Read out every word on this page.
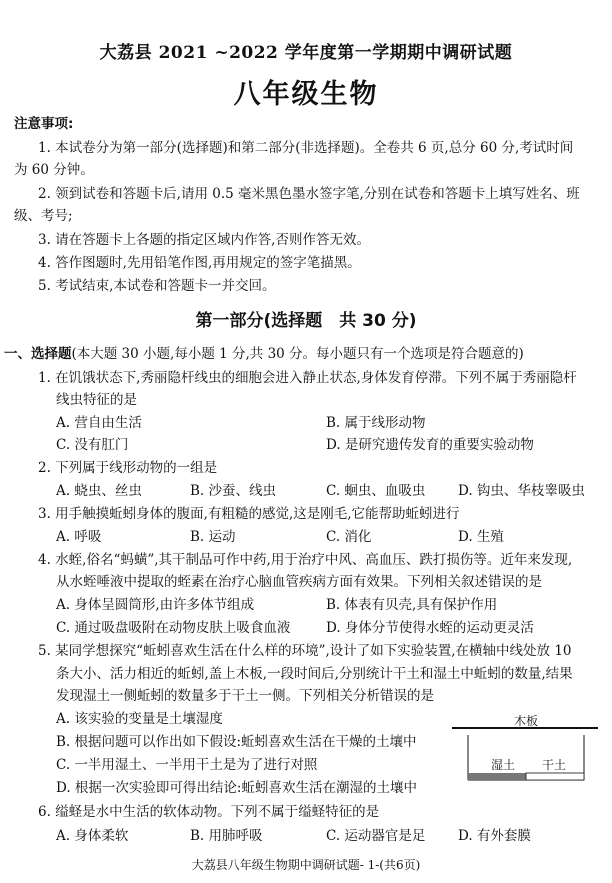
大荔县 2021 ~2022 学年度第一学期期中调研试题
八年级生物
注意事项:
1. 本试卷分为第一部分(选择题)和第二部分(非选择题)。全卷共 6 页,总分 60 分,考试时间
为 60 分钟。
2. 领到试卷和答题卡后,请用 0.5 毫米黑色墨水签字笔,分别在试卷和答题卡上填写姓名、班
级、考号;
3. 请在答题卡上各题的指定区域内作答,否则作答无效。
4. 答作图题时,先用铅笔作图,再用规定的签字笔描黑。
5. 考试结束,本试卷和答题卡一并交回。
第一部分(选择题　共 30 分)
一、选择题(本大题 30 小题,每小题 1 分,共 30 分。每小题只有一个选项是符合题意的)
1. 在饥饿状态下,秀丽隐杆线虫的细胞会进入静止状态,身体发育停滞。下列不属于秀丽隐杆
线虫特征的是
A. 营自由生活	B. 属于线形动物
C. 没有肛门	D. 是研究遗传发育的重要实验动物
2. 下列属于线形动物的一组是
A. 蛲虫、丝虫	B. 沙蚕、线虫	C. 蛔虫、血吸虫 D. 钩虫、华枝睾吸虫
3. 用手触摸蚯蚓身体的腹面,有粗糙的感觉,这是刚毛,它能帮助蚯蚓进行
A. 呼吸	B. 运动	C. 消化	D. 生殖
4. 水蛭,俗名“蚂蟥”,其干制品可作中药,用于治疗中风、高血压、跌打损伤等。近年来发现,
从水蛭唾液中提取的蛭素在治疗心脑血管疾病方面有效果。下列相关叙述错误的是
A. 身体呈圆筒形,由许多体节组成	B. 体表有贝壳,具有保护作用
C. 通过吸盘吸附在动物皮肤上吸食血液	D. 身体分节使得水蛭的运动更灵活
5. 某同学想探究“蚯蚓喜欢生活在什么样的环境”,设计了如下实验装置,在横轴中线处放 10
条大小、活力相近的蚯蚓,盖上木板,一段时间后,分别统计干土和湿土中蚯蚓的数量,结果
发现湿土一侧蚯蚓的数量多于干土一侧。下列相关分析错误的是
A. 该实验的变量是土壤湿度
B. 根据问题可以作出如下假设:蚯蚓喜欢生活在干燥的土壤中
C. 一半用湿土、一半用干土是为了进行对照
D. 根据一次实验即可得出结论:蚯蚓喜欢生活在潮湿的土壤中
木板
湿土 干土
6. 缢蛏是水中生活的软体动物。下列不属于缢蛏特征的是
A. 身体柔软	B. 用肺呼吸	C. 运动器官是足 D. 有外套膜
大荔县八年级生物期中调研试题- 1-(共6页)
